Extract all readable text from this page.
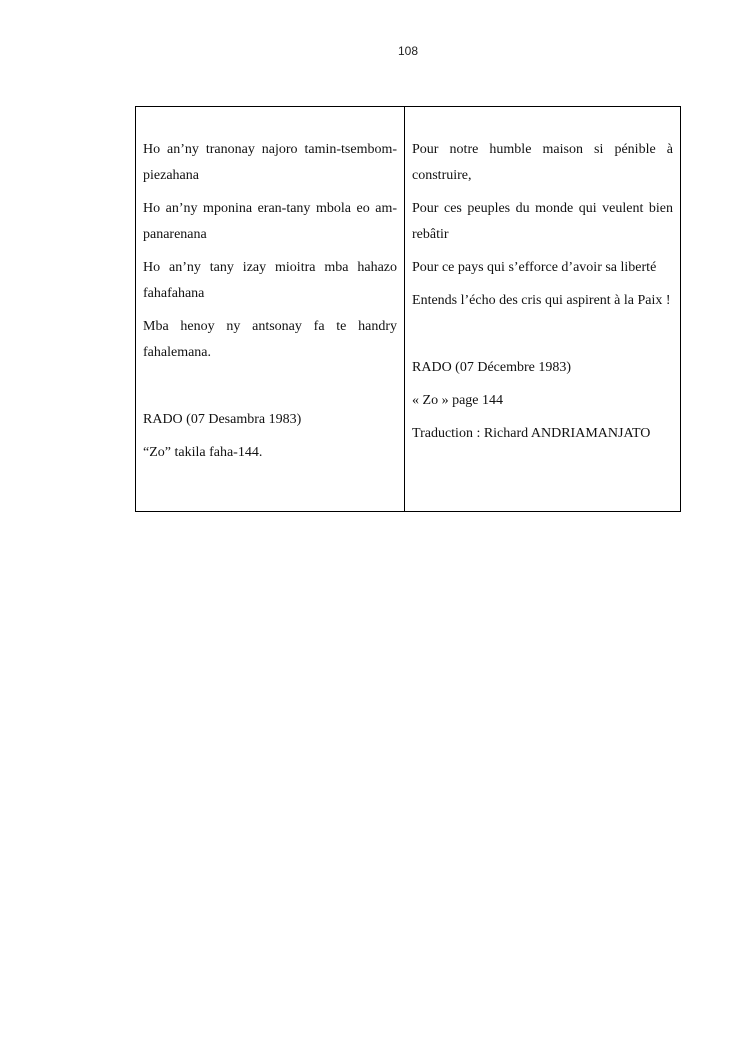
108

Ho an’ny tranonay najoro tamin-tsembom-piezahana

Ho an’ny mponina eran-tany mbola eo am-panarenana

Ho an’ny tany izay mioitra mba hahazo fahafahana

Mba henoy ny antsonay fa te handry fahalemana.

RADO (07 Desambra 1983)

“Zo” takila faha-144.

Pour notre humble maison si pénible à construire,

Pour ces peuples du monde qui veulent bien rebâtir

Pour ce pays qui s’efforce d’avoir sa liberté

Entends l’écho des cris qui aspirent à la Paix !

RADO (07 Décembre 1983)

« Zo » page 144

Traduction : Richard ANDRIAMANJATO
